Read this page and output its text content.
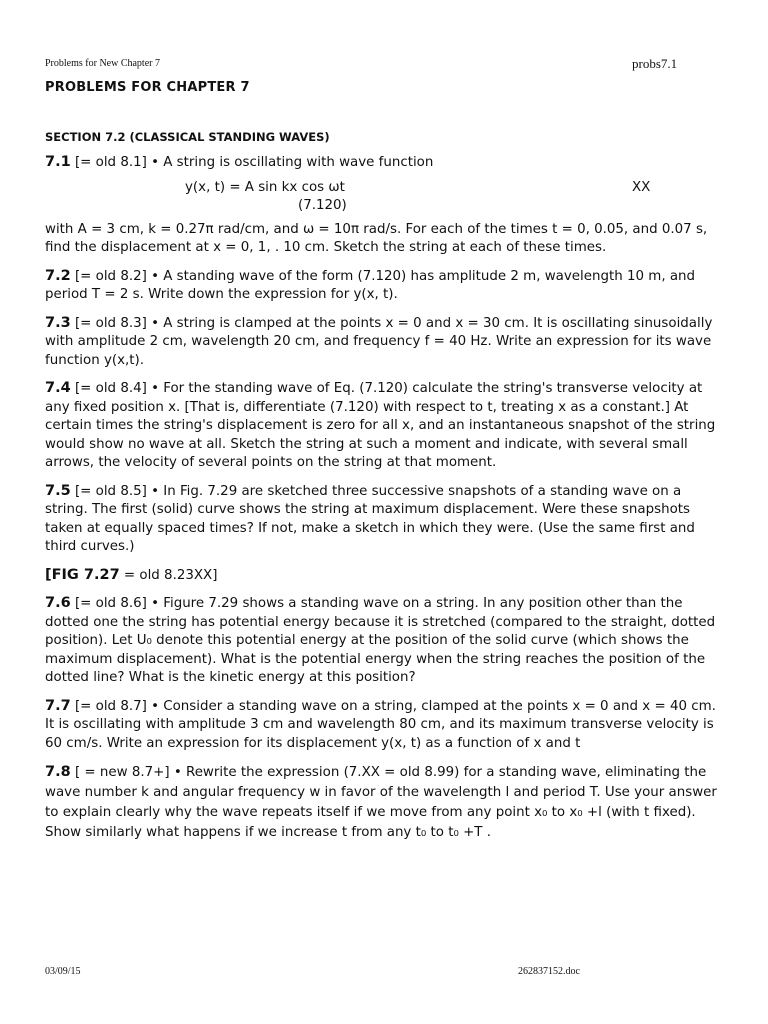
Problems for New Chapter 7	probs7.1
PROBLEMS FOR CHAPTER 7
SECTION 7.2 (CLASSICAL STANDING WAVES)

7.1 [= old 8.1] • A string is oscillating with wave function

y(x, t) = A sin kx cos ωt	XX
(7.120)

with A = 3 cm, k = 0.27π rad/cm, and ω = 10π rad/s. For each of the times t = 0, 0.05, and 0.07 s, find the displacement at x = 0, 1, . 10 cm. Sketch the string at each of these times.

7.2 [= old 8.2] • A standing wave of the form (7.120) has amplitude 2 m, wavelength 10 m, and period T = 2 s. Write down the expression for y(x, t).

7.3 [= old 8.3] • A string is clamped at the points x = 0 and x = 30 cm. It is oscillating sinusoidally with amplitude 2 cm, wavelength 20 cm, and frequency f = 40 Hz. Write an expression for its wave function y(x,t).

7.4 [= old 8.4] • For the standing wave of Eq. (7.120) calculate the string's transverse velocity at any fixed position x. [That is, differentiate (7.120) with respect to t, treating x as a constant.] At certain times the string's displacement is zero for all x, and an instantaneous snapshot of the string would show no wave at all. Sketch the string at such a moment and indicate, with several small arrows, the velocity of several points on the string at that moment.

7.5 [= old 8.5] • In Fig. 7.29 are sketched three successive snapshots of a standing wave on a string. The first (solid) curve shows the string at maximum displacement. Were these snapshots taken at equally spaced times? If not, make a sketch in which they were. (Use the same first and third curves.)

[FIG 7.27 = old 8.23XX]

7.6 [= old 8.6] • Figure 7.29 shows a standing wave on a string. In any position other than the dotted one the string has potential energy because it is stretched (compared to the straight, dotted position). Let U₀ denote this potential energy at the position of the solid curve (which shows the maximum displacement). What is the potential energy when the string reaches the position of the dotted line? What is the kinetic energy at this position?

7.7 [= old 8.7] • Consider a standing wave on a string, clamped at the points x = 0 and x = 40 cm. It is oscillating with amplitude 3 cm and wavelength 80 cm, and its maximum transverse velocity is 60 cm/s. Write an expression for its displacement y(x, t) as a function of x and t

7.8 [ = new 8.7+] • Rewrite the expression (7.XX = old 8.99) for a standing wave, eliminating the wave number k and angular frequency w in favor of the wavelength l and period T. Use your answer to explain clearly why the wave repeats itself if we move from any point x₀ to x₀ +l (with t fixed). Show similarly what happens if we increase t from any t₀ to t₀ +T .

03/09/15	262837152.doc
